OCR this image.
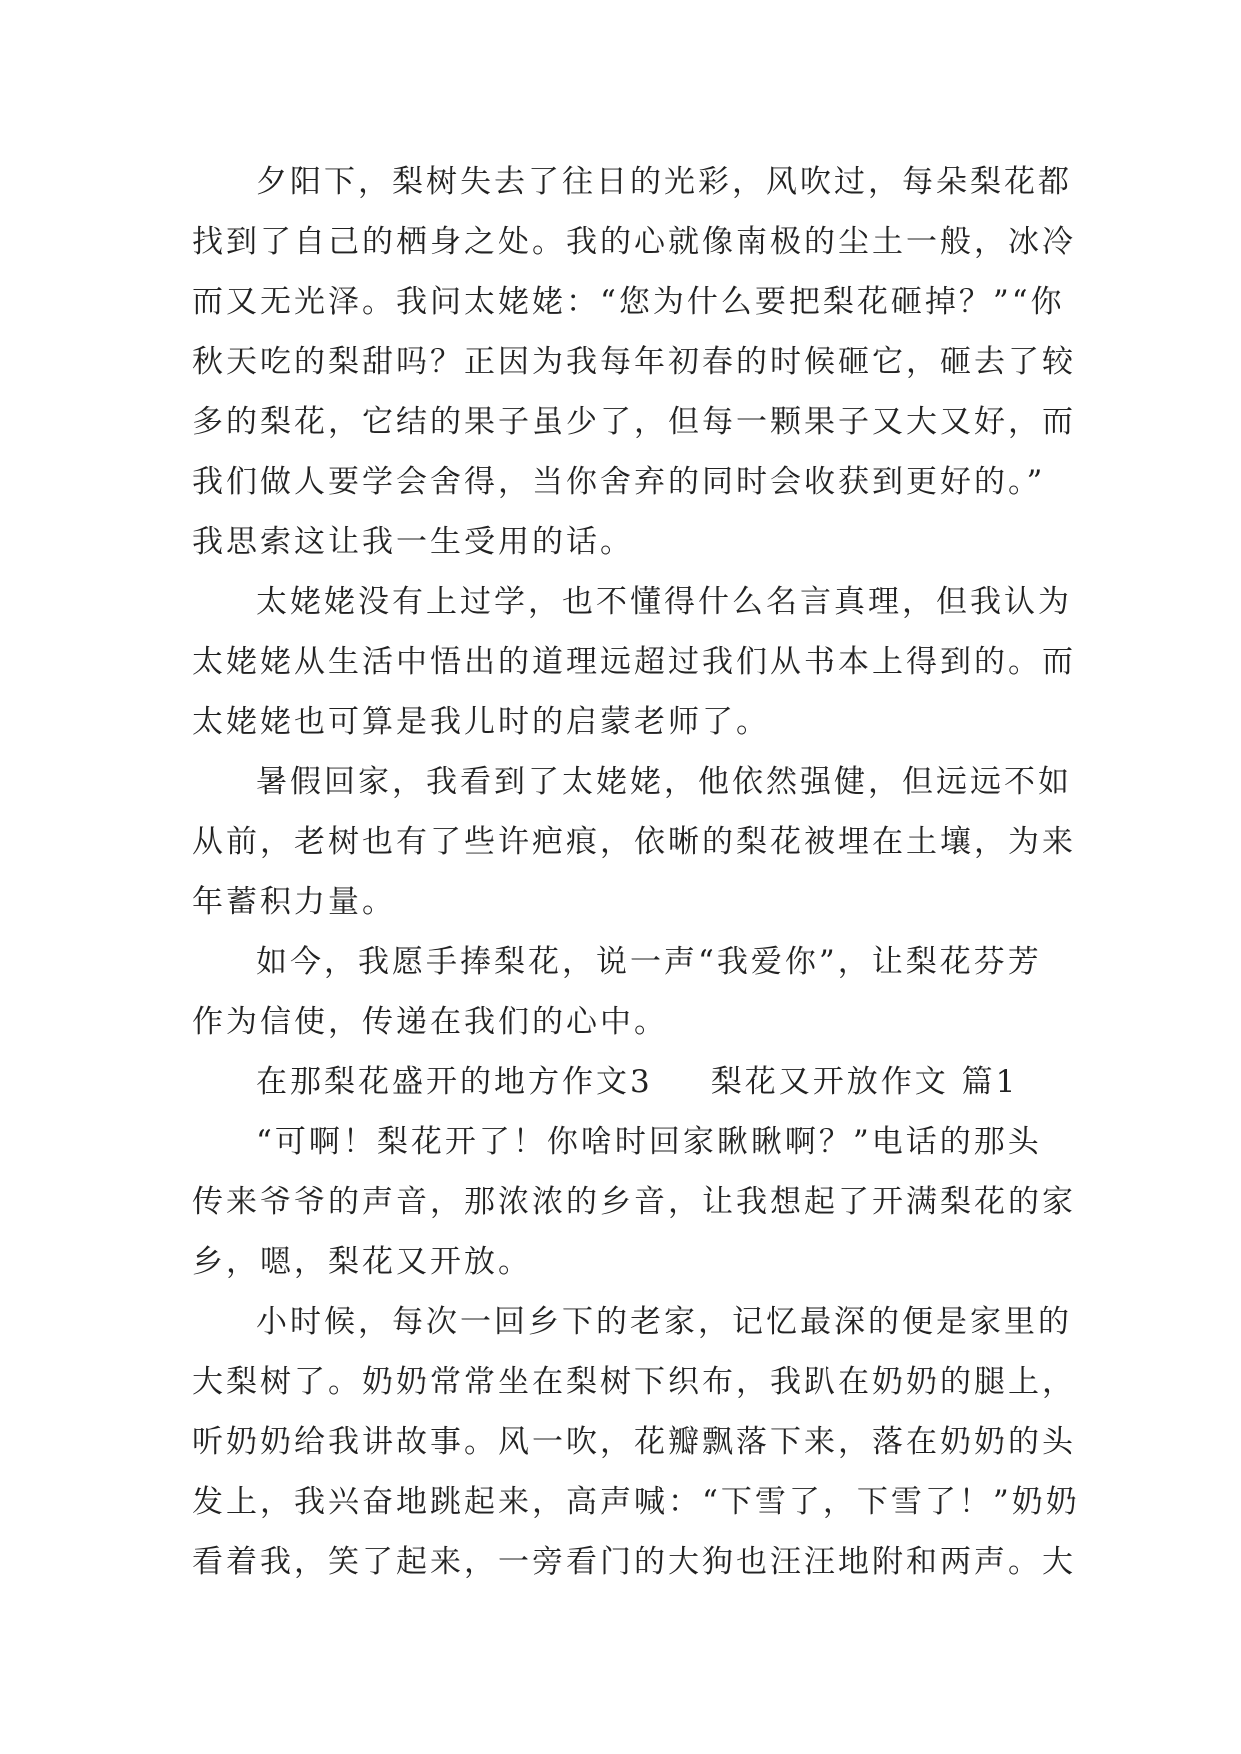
夕阳下，梨树失去了往日的光彩，风吹过，每朵梨花都
找到了自己的栖身之处。我的心就像南极的尘土一般，冰冷
而又无光泽。我问太姥姥：“您为什么要把梨花砸掉？”“你
秋天吃的梨甜吗？正因为我每年初春的时候砸它，砸去了较
多的梨花，它结的果子虽少了，但每一颗果子又大又好，而
我们做人要学会舍得，当你舍弃的同时会收获到更好的。”
我思索这让我一生受用的话。
太姥姥没有上过学，也不懂得什么名言真理，但我认为
太姥姥从生活中悟出的道理远超过我们从书本上得到的。而
太姥姥也可算是我儿时的启蒙老师了。
暑假回家，我看到了太姥姥，他依然强健，但远远不如
从前，老树也有了些许疤痕，依晰的梨花被埋在土壤，为来
年蓄积力量。
如今，我愿手捧梨花，说一声“我爱你”，让梨花芬芳
作为信使，传递在我们的心中。
在那梨花盛开的地方作文3 梨花又开放作文 篇1
“可啊！梨花开了！你啥时回家瞅瞅啊？”电话的那头
传来爷爷的声音，那浓浓的乡音，让我想起了开满梨花的家
乡，嗯，梨花又开放。
小时候，每次一回乡下的老家，记忆最深的便是家里的
大梨树了。奶奶常常坐在梨树下织布，我趴在奶奶的腿上，
听奶奶给我讲故事。风一吹，花瓣飘落下来，落在奶奶的头
发上，我兴奋地跳起来，高声喊：“下雪了，下雪了！”奶奶
看着我，笑了起来，一旁看门的大狗也汪汪地附和两声。大
